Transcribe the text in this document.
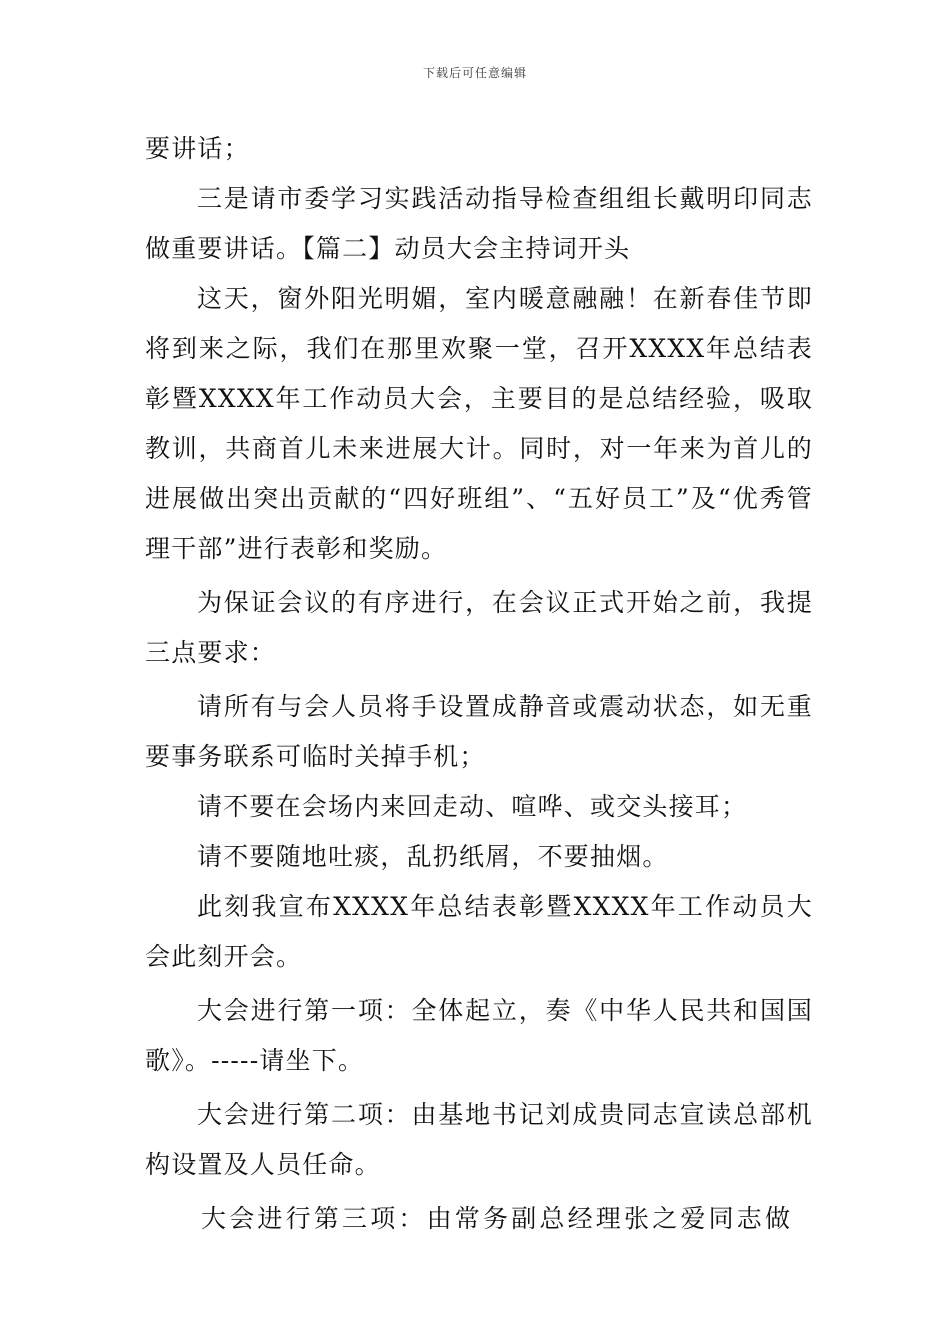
下载后可任意编辑

要讲话；

三是请市委学习实践活动指导检查组组长戴明印同志做重要讲话。【篇二】动员大会主持词开头

这天，窗外阳光明媚，室内暖意融融！在新春佳节即将到来之际，我们在那里欢聚一堂，召开XXXX年总结表彰暨XXXX年工作动员大会，主要目的是总结经验，吸取教训，共商首儿未来进展大计。同时，对一年来为首儿的进展做出突出贡献的“四好班组”、“五好员工”及“优秀管理干部”进行表彰和奖励。

为保证会议的有序进行，在会议正式开始之前，我提三点要求：

请所有与会人员将手设置成静音或震动状态，如无重要事务联系可临时关掉手机；

请不要在会场内来回走动、喧哗、或交头接耳；

请不要随地吐痰，乱扔纸屑，不要抽烟。

此刻我宣布XXXX年总结表彰暨XXXX年工作动员大会此刻开会。

大会进行第一项：全体起立，奏《中华人民共和国国歌》。-----请坐下。

大会进行第二项：由基地书记刘成贵同志宣读总部机构设置及人员任命。

大会进行第三项：由常务副总经理张之爱同志做
